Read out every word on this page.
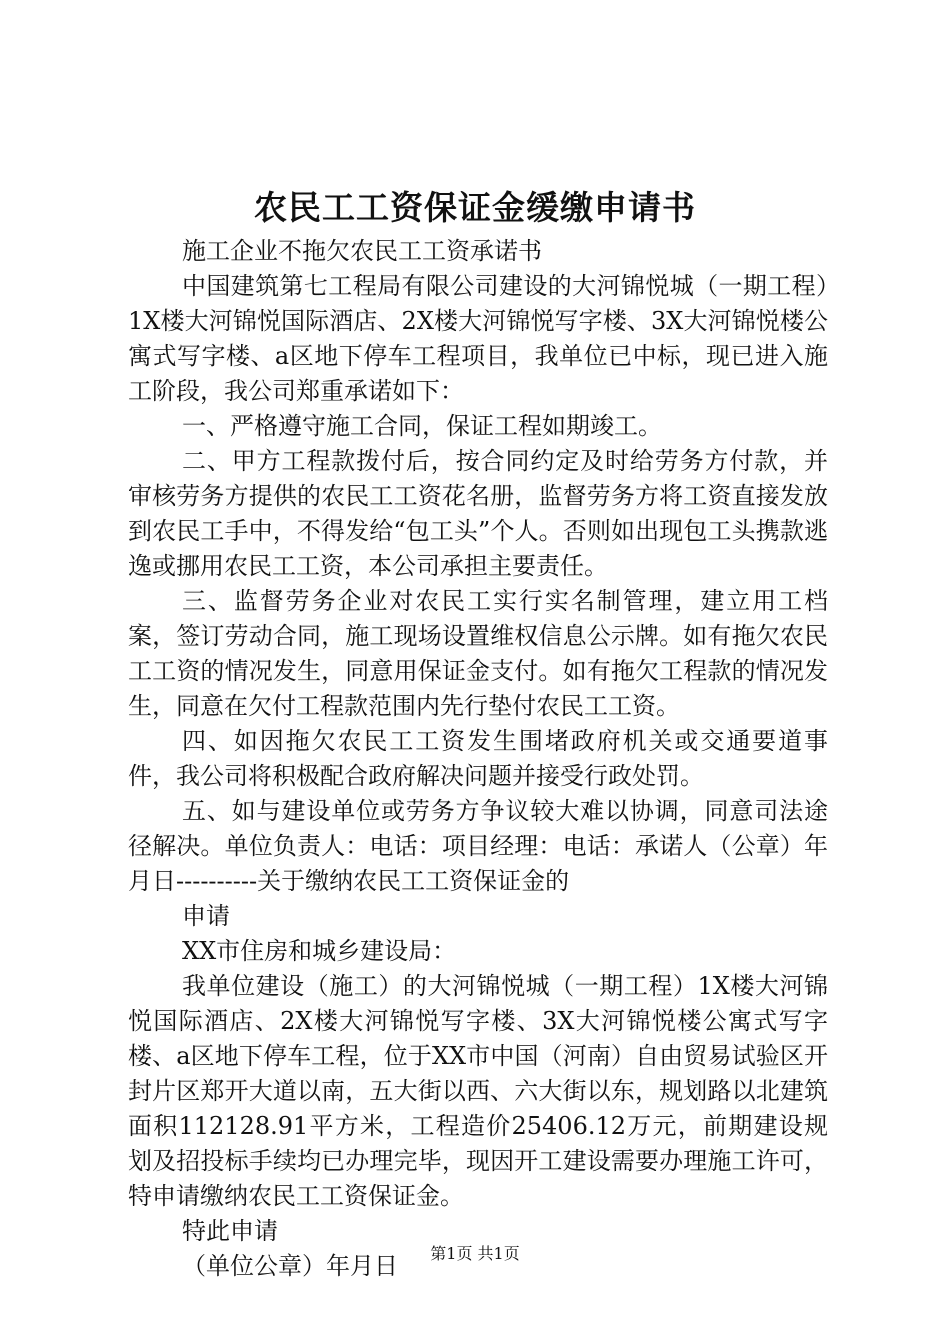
农民工工资保证金缓缴申请书

施工企业不拖欠农民工工资承诺书

中国建筑第七工程局有限公司建设的大河锦悦城（一期工程）1X楼大河锦悦国际酒店、2X楼大河锦悦写字楼、3X大河锦悦楼公寓式写字楼、a区地下停车工程项目，我单位已中标，现已进入施工阶段，我公司郑重承诺如下：

一、严格遵守施工合同，保证工程如期竣工。

二、甲方工程款拨付后，按合同约定及时给劳务方付款，并审核劳务方提供的农民工工资花名册，监督劳务方将工资直接发放到农民工手中，不得发给“包工头”个人。否则如出现包工头携款逃逸或挪用农民工工资，本公司承担主要责任。

三、监督劳务企业对农民工实行实名制管理，建立用工档案，签订劳动合同，施工现场设置维权信息公示牌。如有拖欠农民工工资的情况发生，同意用保证金支付。如有拖欠工程款的情况发生，同意在欠付工程款范围内先行垫付农民工工资。

四、如因拖欠农民工工资发生围堵政府机关或交通要道事件，我公司将积极配合政府解决问题并接受行政处罚。

五、如与建设单位或劳务方争议较大难以协调，同意司法途径解决。单位负责人：电话：项目经理：电话：承诺人（公章）年月日----------关于缴纳农民工工资保证金的

申请

XX市住房和城乡建设局：

我单位建设（施工）的大河锦悦城（一期工程）1X楼大河锦悦国际酒店、2X楼大河锦悦写字楼、3X大河锦悦楼公寓式写字楼、a区地下停车工程，位于XX市中国（河南）自由贸易试验区开封片区郑开大道以南，五大街以西、六大街以东，规划路以北建筑面积112128.91平方米，工程造价25406.12万元，前期建设规划及招投标手续均已办理完毕，现因开工建设需要办理施工许可，特申请缴纳农民工工资保证金。

特此申请

（单位公章）年月日	第1页 共1页
